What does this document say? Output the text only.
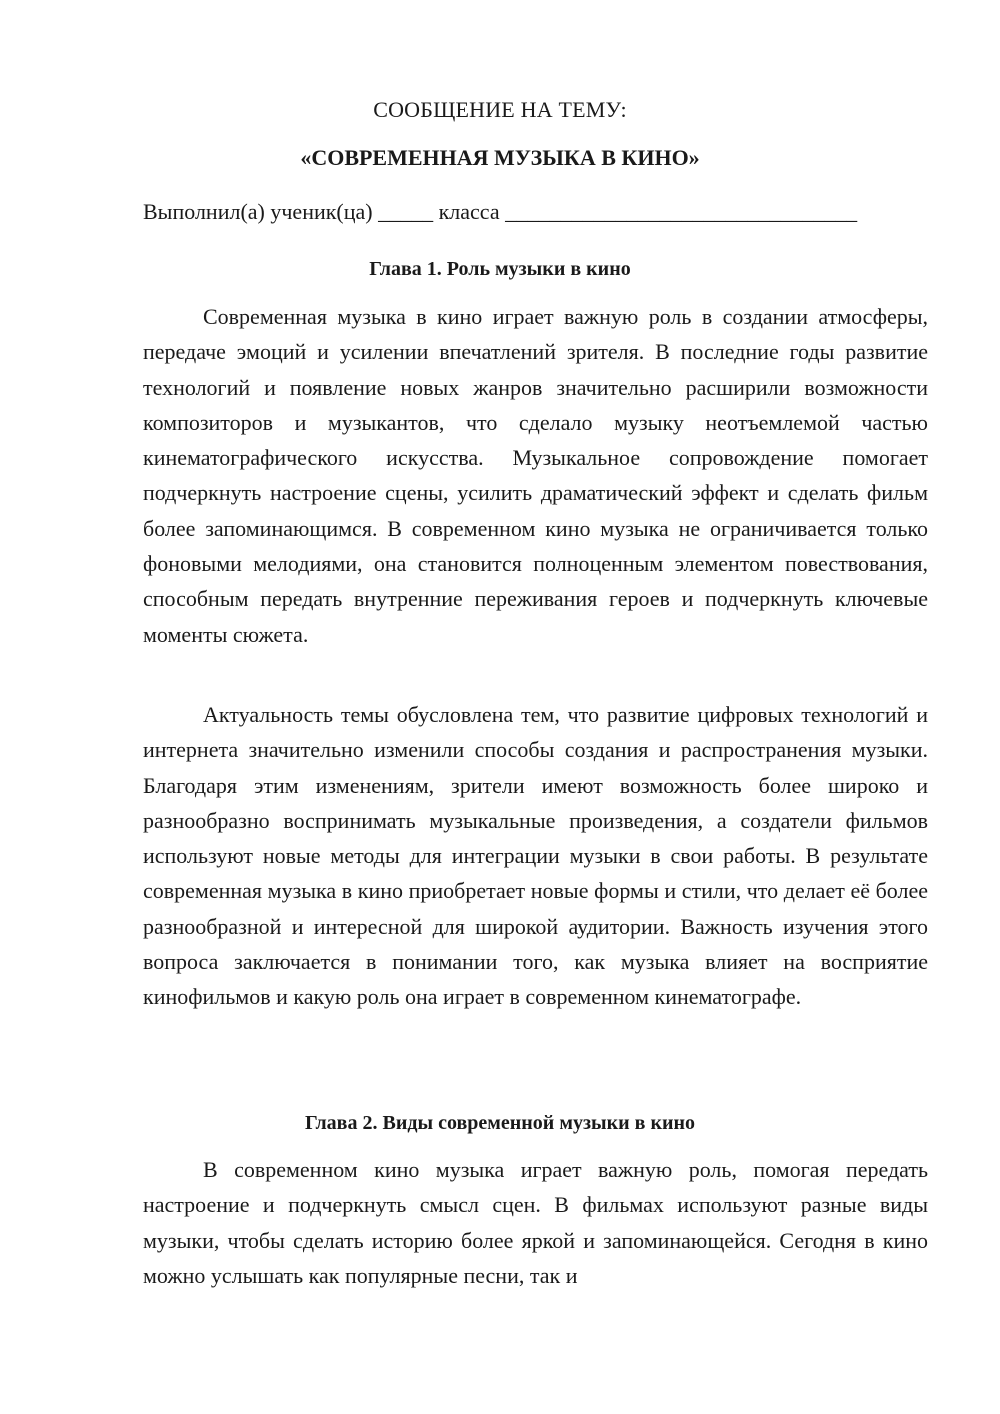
СООБЩЕНИЕ НА ТЕМУ:
«СОВРЕМЕННАЯ МУЗЫКА В КИНО»
Выполнил(а) ученик(ца) _____ класса ________________________________
Глава 1. Роль музыки в кино

Современная музыка в кино играет важную роль в создании атмосферы, передаче эмоций и усилении впечатлений зрителя. В последние годы развитие технологий и появление новых жанров значительно расширили возможности композиторов и музыкантов, что сделало музыку неотъемлемой частью кинематографического искусства. Музыкальное сопровождение помогает подчеркнуть настроение сцены, усилить драматический эффект и сделать фильм более запоминающимся. В современном кино музыка не ограничивается только фоновыми мелодиями, она становится полноценным элементом повествования, способным передать внутренние переживания героев и подчеркнуть ключевые моменты сюжета.

Актуальность темы обусловлена тем, что развитие цифровых технологий и интернета значительно изменили способы создания и распространения музыки. Благодаря этим изменениям, зрители имеют возможность более широко и разнообразно воспринимать музыкальные произведения, а создатели фильмов используют новые методы для интеграции музыки в свои работы. В результате современная музыка в кино приобретает новые формы и стили, что делает её более разнообразной и интересной для широкой аудитории. Важность изучения этого вопроса заключается в понимании того, как музыка влияет на восприятие кинофильмов и какую роль она играет в современном кинематографе.

Глава 2. Виды современной музыки в кино

В современном кино музыка играет важную роль, помогая передать настроение и подчеркнуть смысл сцен. В фильмах используют разные виды музыки, чтобы сделать историю более яркой и запоминающейся. Сегодня в кино можно услышать как популярные песни, так и
